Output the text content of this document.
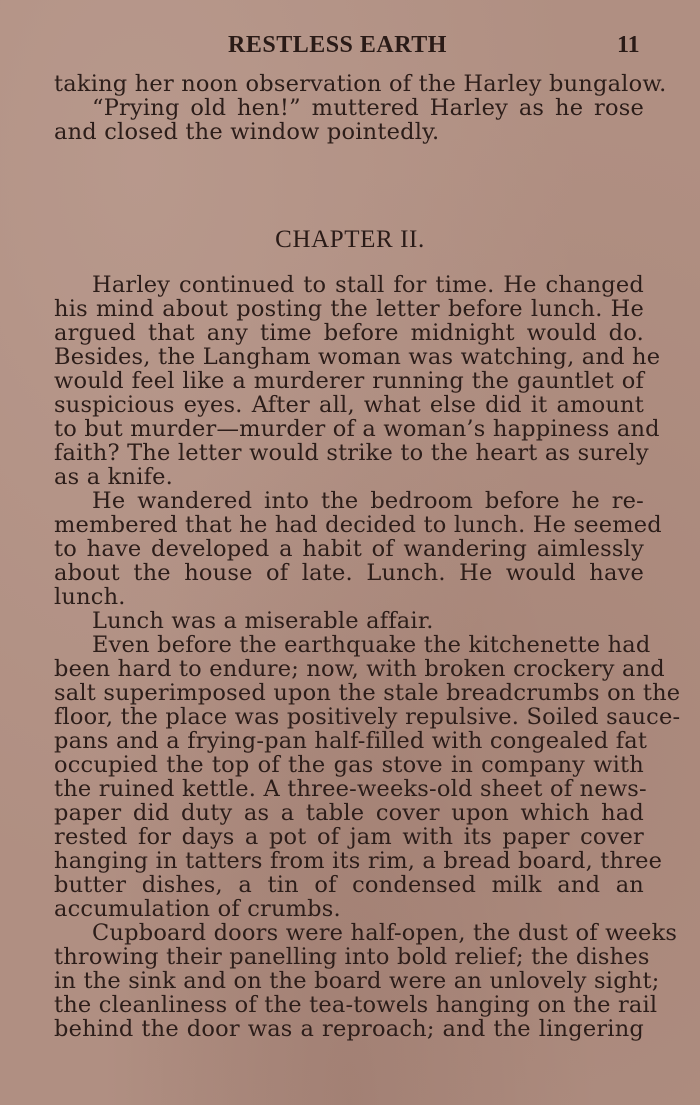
RESTLESS EARTH	11
taking her noon observation of the Harley bungalow.
“Prying old hen!” muttered Harley as he rose
and closed the window pointedly.
CHAPTER II.
Harley continued to stall for time. He changed
his mind about posting the letter before lunch. He
argued that any time before midnight would do.
Besides, the Langham woman was watching, and he
would feel like a murderer running the gauntlet of
suspicious eyes. After all, what else did it amount
to but murder—murder of a woman’s happiness and
faith? The letter would strike to the heart as surely
as a knife.
He wandered into the bedroom before he re-
membered that he had decided to lunch. He seemed
to have developed a habit of wandering aimlessly
about the house of late. Lunch. He would have
lunch.
Lunch was a miserable affair.
Even before the earthquake the kitchenette had
been hard to endure; now, with broken crockery and
salt superimposed upon the stale breadcrumbs on the
floor, the place was positively repulsive. Soiled sauce-
pans and a frying-pan half-filled with congealed fat
occupied the top of the gas stove in company with
the ruined kettle. A three-weeks-old sheet of news-
paper did duty as a table cover upon which had
rested for days a pot of jam with its paper cover
hanging in tatters from its rim, a bread board, three
butter dishes, a tin of condensed milk and an
accumulation of crumbs.
Cupboard doors were half-open, the dust of weeks
throwing their panelling into bold relief; the dishes
in the sink and on the board were an unlovely sight;
the cleanliness of the tea-towels hanging on the rail
behind the door was a reproach; and the lingering
